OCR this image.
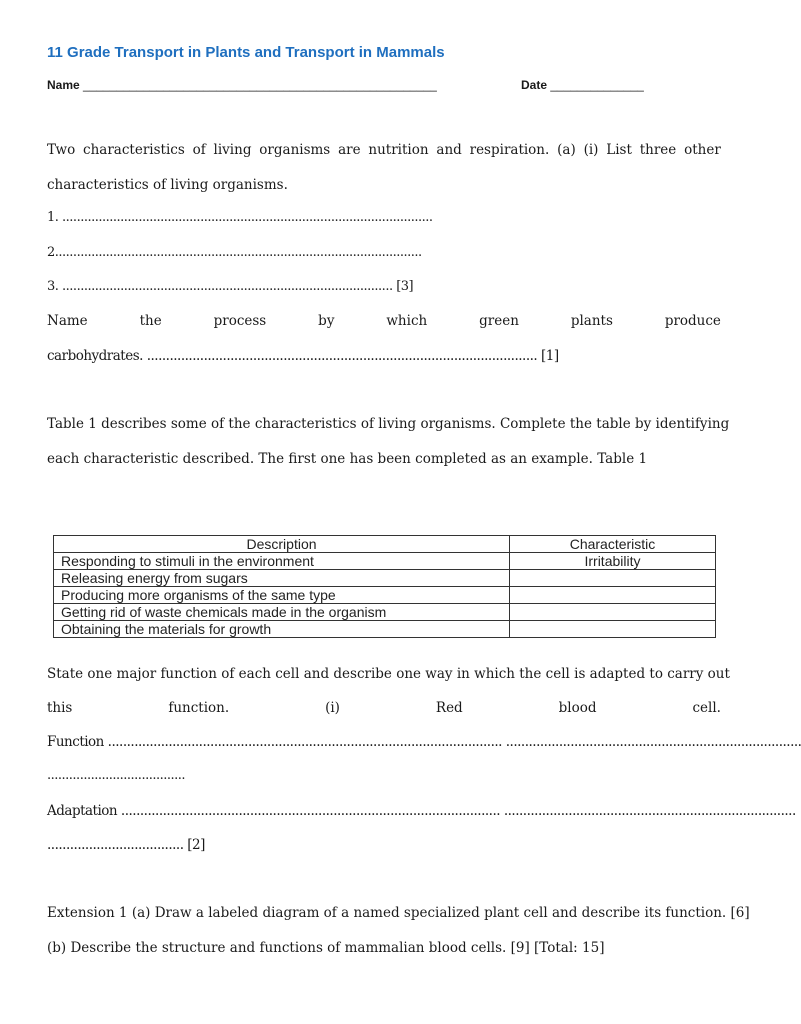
11 Grade Transport in Plants and Transport in Mammals
Name _____________________________________________________	Date ______________
Two characteristics of living organisms are nutrition and respiration. (a) (i) List three other
characteristics of living organisms.
1. ......................................................................................................
2.....................................................................................................
3. ........................................................................................... [3]
Name	the	process	by	which	green	plants	produce
carbohydrates. ....................................................................................................... [1]
Table 1 describes some of the characteristics of living organisms. Complete the table by identifying
each characteristic described. The first one has been completed as an example. Table 1
Description	Characteristic
Responding to stimuli in the environment	Irritability
Releasing energy from sugars	
Producing more organisms of the same type	
Getting rid of waste chemicals made in the organism	
Obtaining the materials for growth	
State one major function of each cell and describe one way in which the cell is adapted to carry out
this	function.	(i)	Red	blood	cell.
Function ........................................................................................................ ..............................................................................
......................................
Adaptation .................................................................................................... .............................................................................
.................................... [2]
Extension 1 (a) Draw a labeled diagram of a named specialized plant cell and describe its function. [6]
(b) Describe the structure and functions of mammalian blood cells. [9] [Total: 15]
